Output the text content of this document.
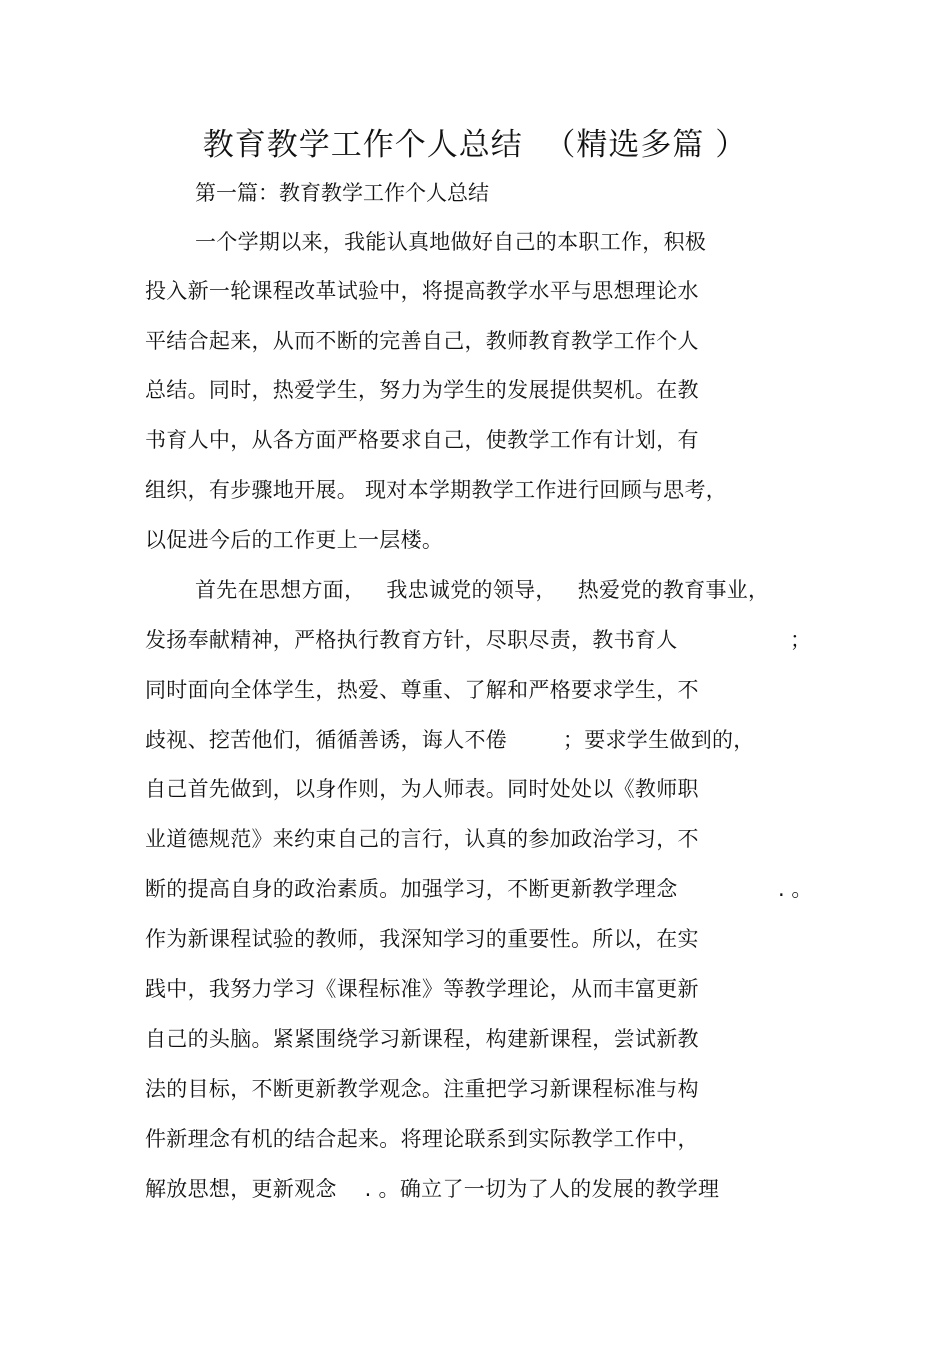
教育教学工作个人总结  （精选多篇 ）
第一篇：教育教学工作个人总结
一个学期以来，我能认真地做好自己的本职工作，积极
投入新一轮课程改革试验中，将提高教学水平与思想理论水
平结合起来，从而不断的完善自己，教师教育教学工作个人
总结。同时，热爱学生，努力为学生的发展提供契机。在教
书育人中，从各方面严格要求自己，使教学工作有计划，有
组织，有步骤地开展。 现对本学期教学工作进行回顾与思考，
以促进今后的工作更上一层楼。
首先在思想方面，   我忠诚党的领导，   热爱党的教育事业，
发扬奉献精神，严格执行教育方针，尽职尽责，教书育人	；
同时面向全体学生，热爱、尊重、了解和严格要求学生，不
歧视、挖苦他们，循循善诱，诲人不倦        ；要求学生做到的，
自己首先做到，以身作则，为人师表。同时处处以《教师职
业道德规范》来约束自己的言行，认真的参加政治学习，不
断的提高自身的政治素质。加强学习，不断更新教学理念	. 。
作为新课程试验的教师，我深知学习的重要性。所以，在实
践中，我努力学习《课程标准》等教学理论，从而丰富更新
自己的头脑。紧紧围绕学习新课程，构建新课程，尝试新教
法的目标，不断更新教学观念。注重把学习新课程标准与构
件新理念有机的结合起来。将理论联系到实际教学工作中，
解放思想，更新观念    . 。确立了一切为了人的发展的教学理
